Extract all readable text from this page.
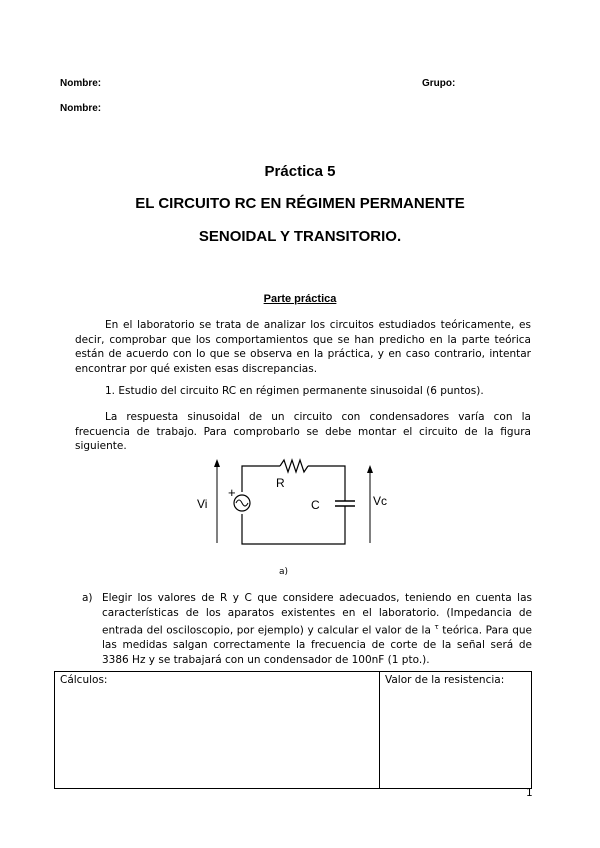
Nombre:	Grupo:
Nombre:
Práctica 5
EL CIRCUITO RC EN RÉGIMEN PERMANENTE
SENOIDAL Y TRANSITORIO.
Parte práctica
En el laboratorio se trata de analizar los circuitos estudiados teóricamente, es decir, comprobar que los comportamientos que se han predicho en la parte teórica están de acuerdo con lo que se observa en la práctica, y en caso contrario, intentar encontrar por qué existen esas discrepancias.
1. Estudio del circuito RC en régimen permanente sinusoidal (6 puntos).
La respuesta sinusoidal de un circuito con condensadores varía con la frecuencia de trabajo. Para comprobarlo se debe montar el circuito de la figura siguiente.
Vi
+
R
C	Vc
a)
a) Elegir los valores de R y C que considere adecuados, teniendo en cuenta las características de los aparatos existentes en el laboratorio. (Impedancia de entrada del osciloscopio, por ejemplo) y calcular el valor de la $^\tau$ teórica. Para que las medidas salgan correctamente la frecuencia de corte de la señal será de 3386 Hz y se trabajará con un condensador de 100nF (1 pto.).
Cálculos:	Valor de la resistencia:
1
